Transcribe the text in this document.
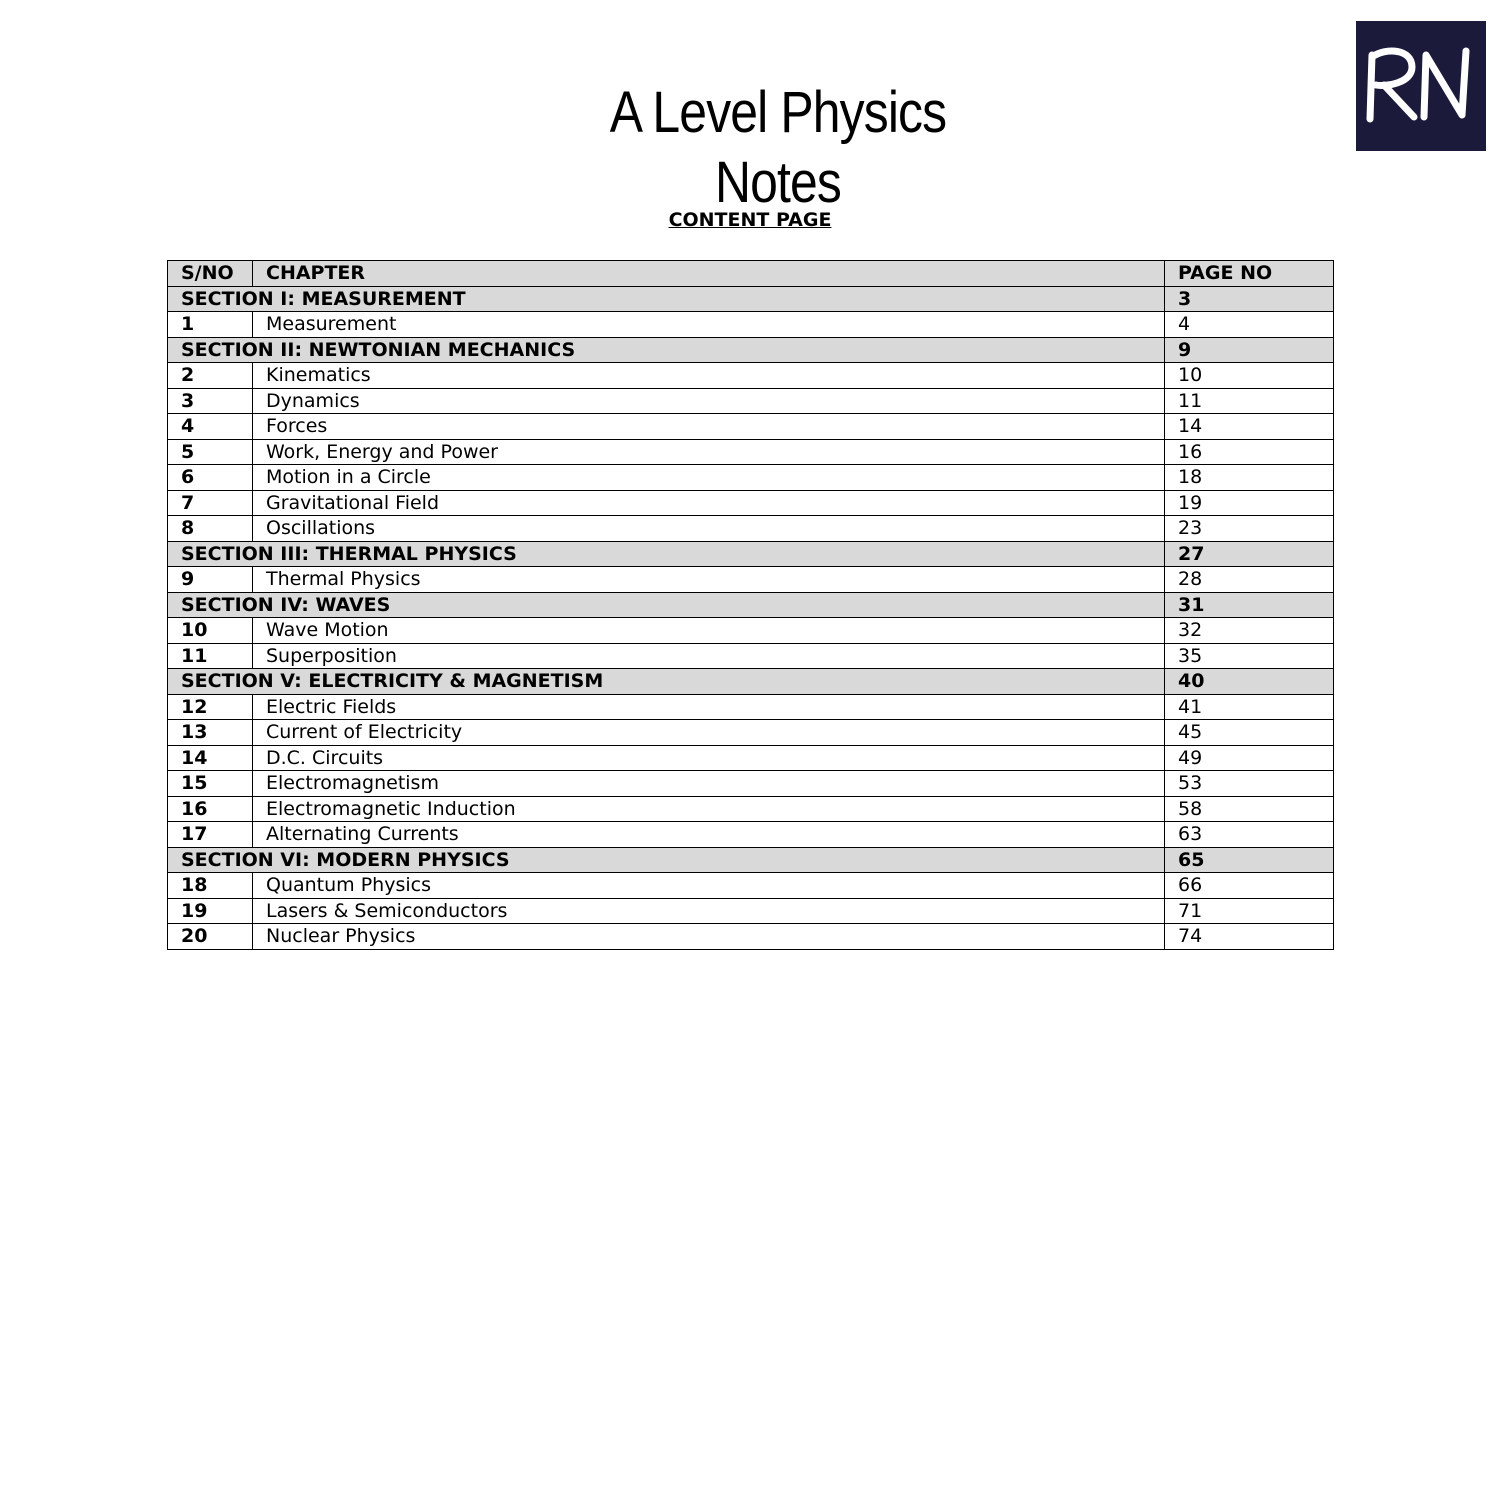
A Level Physics Notes
CONTENT PAGE
S/NO	CHAPTER	PAGE NO
SECTION I: MEASUREMENT		3
1	Measurement	4
SECTION II: NEWTONIAN MECHANICS		9
2	Kinematics	10
3	Dynamics	11
4	Forces	14
5	Work, Energy and Power	16
6	Motion in a Circle	18
7	Gravitational Field	19
8	Oscillations	23
SECTION III: THERMAL PHYSICS		27
9	Thermal Physics	28
SECTION IV: WAVES		31
10	Wave Motion	32
11	Superposition	35
SECTION V: ELECTRICITY & MAGNETISM		40
12	Electric Fields	41
13	Current of Electricity	45
14	D.C. Circuits	49
15	Electromagnetism	53
16	Electromagnetic Induction	58
17	Alternating Currents	63
SECTION VI: MODERN PHYSICS		65
18	Quantum Physics	66
19	Lasers & Semiconductors	71
20	Nuclear Physics	74
